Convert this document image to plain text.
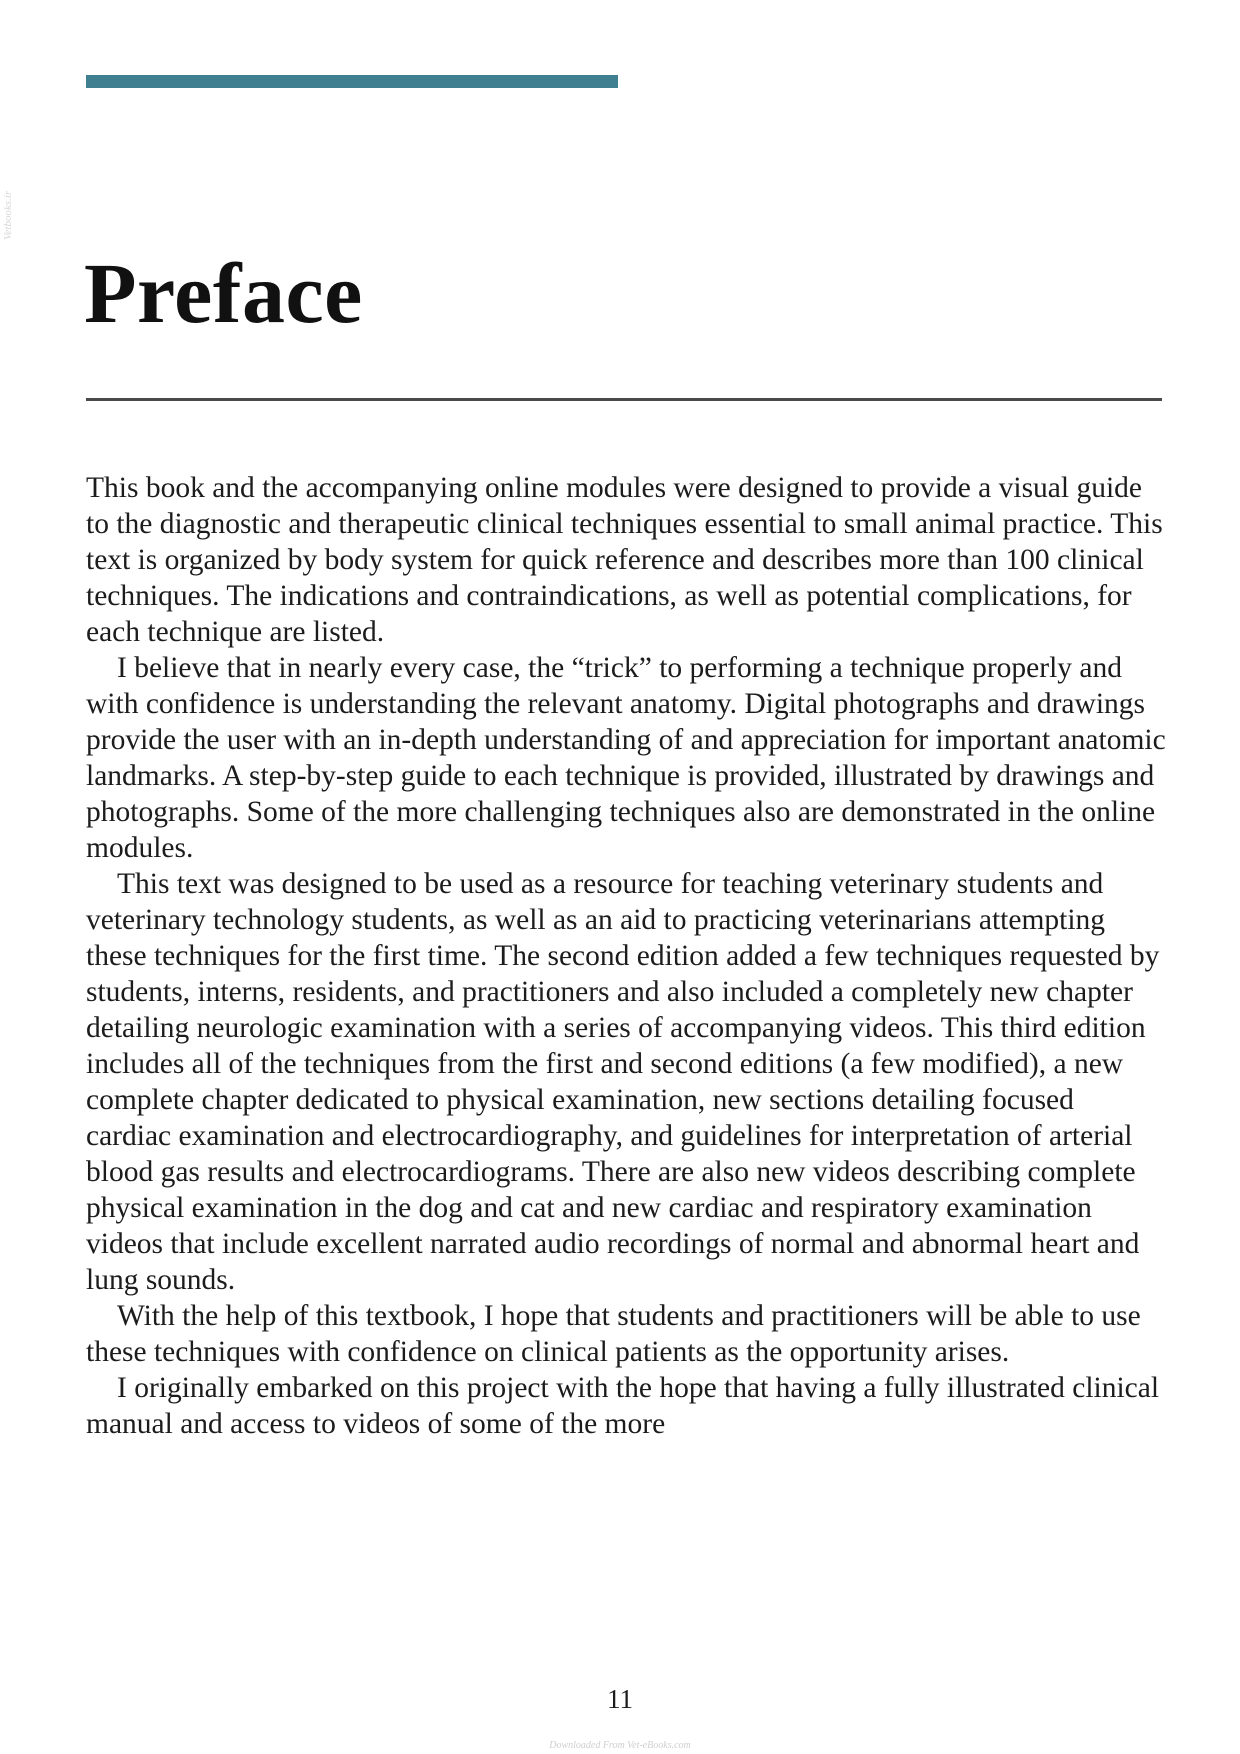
Vetbooks.ir
Preface

This book and the accompanying online modules were designed to provide a visual guide to the diagnostic and therapeutic clinical techniques essential to small animal practice. This text is organized by body system for quick reference and describes more than 100 clinical techniques. The indications and contraindications, as well as potential complications, for each technique are listed.

I believe that in nearly every case, the “trick” to performing a technique properly and with confidence is understanding the relevant anatomy. Digital photographs and drawings provide the user with an in-depth understanding of and appreciation for important anatomic landmarks. A step-by-step guide to each technique is provided, illustrated by drawings and photographs. Some of the more challenging techniques also are demonstrated in the online modules.

This text was designed to be used as a resource for teaching veterinary students and veterinary technology students, as well as an aid to practicing veterinarians attempting these techniques for the first time. The second edition added a few techniques requested by students, interns, residents, and practitioners and also included a completely new chapter detailing neurologic examination with a series of accompanying videos. This third edition includes all of the techniques from the first and second editions (a few modified), a new complete chapter dedicated to physical examination, new sections detailing focused cardiac examination and electrocardiography, and guidelines for interpretation of arterial blood gas results and electrocardiograms. There are also new videos describing complete physical examination in the dog and cat and new cardiac and respiratory examination videos that include excellent narrated audio recordings of normal and abnormal heart and lung sounds.

With the help of this textbook, I hope that students and practitioners will be able to use these techniques with confidence on clinical patients as the opportunity arises.

I originally embarked on this project with the hope that having a fully illustrated clinical manual and access to videos of some of the more

11
Downloaded From Vet-eBooks.com
